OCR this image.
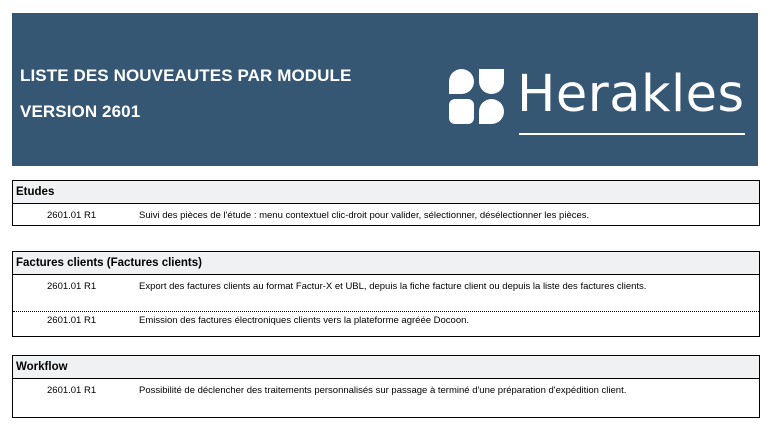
LISTE DES NOUVEAUTES PAR MODULE
VERSION 2601	Herakles
Etudes
2601.01 R1	Suivi des pièces de l'étude : menu contextuel clic-droit pour valider, sélectionner, désélectionner les pièces.
Factures clients (Factures clients)
2601.01 R1	Export des factures clients au format Factur-X et UBL, depuis la fiche facture client ou depuis la liste des factures clients.
2601.01 R1	Emission des factures électroniques clients vers la plateforme agréée Docoon.
Workflow
2601.01 R1	Possibilité de déclencher des traitements personnalisés sur passage à terminé d'une préparation d'expédition client.
